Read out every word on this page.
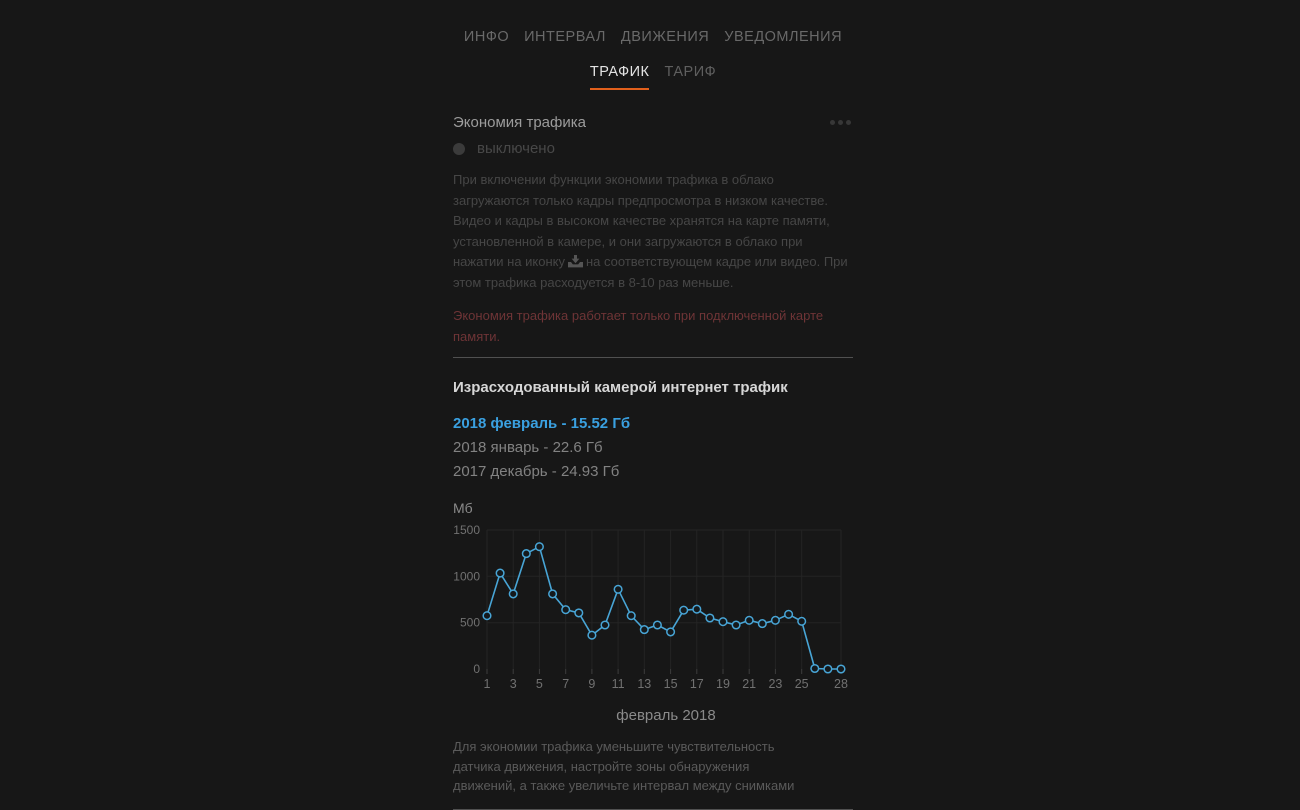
ИНФО ИНТЕРВАЛ ДВИЖЕНИЯ УВЕДОМЛЕНИЯ
ТРАФИК ТАРИФ
Экономия трафика
выключено

При включении функции экономии трафика в облако загружаются только кадры предпросмотра в низком качестве. Видео и кадры в высоком качестве хранятся на карте памяти, установленной в камере, и они загружаются в облако при нажатии на иконку на соответствующем кадре или видео. При этом трафика расходуется в 8-10 раз меньше.

Экономия трафика работает только при подключенной карте памяти.
Израсходованный камерой интернет трафик
2018 февраль - 15.52 Гб
2018 январь - 22.6 Гб
2017 декабрь - 24.93 Гб
Мб
1 3 5 7 9 11 13 15 17 19 21 23 25 28
0
500
1000
1500
февраль 2018

Для экономии трафика уменьшите чувствительность датчика движения, настройте зоны обнаружения движений, а также увеличьте интервал между снимками
